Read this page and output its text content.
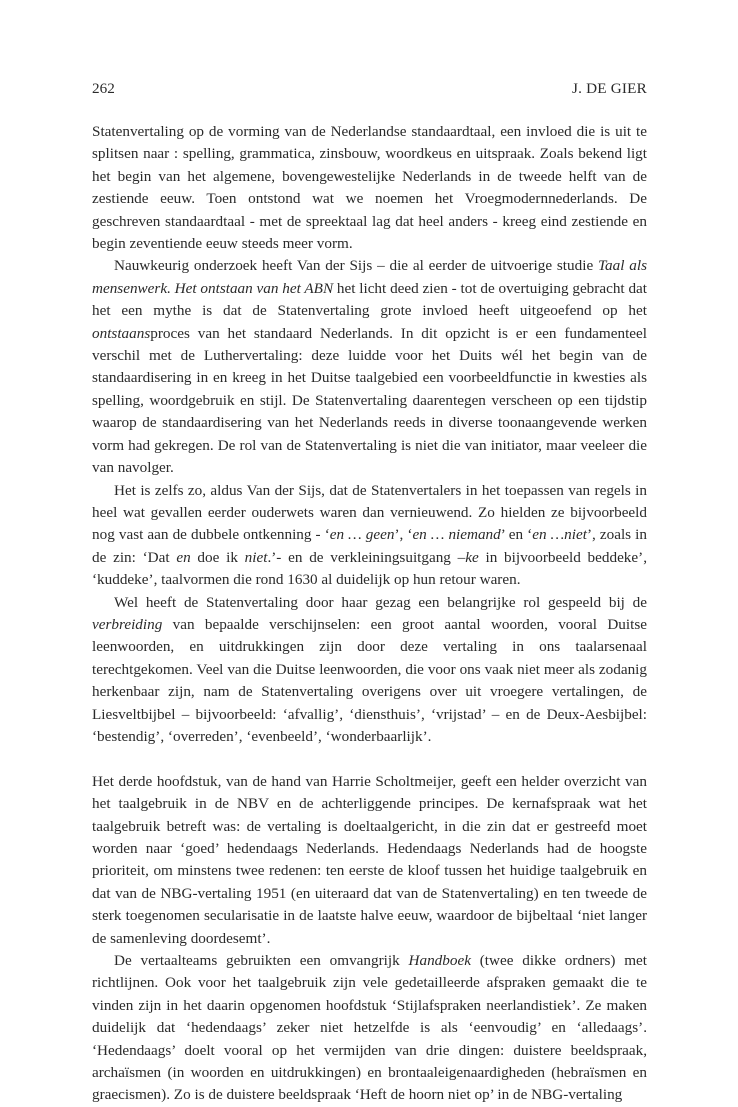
262	J. DE GIER

Statenvertaling op de vorming van de Nederlandse standaardtaal, een invloed die is uit te splitsen naar : spelling, grammatica, zinsbouw, woordkeus en uitspraak. Zoals bekend ligt het begin van het algemene, bovengewestelijke Nederlands in de tweede helft van de zestiende eeuw. Toen ontstond wat we noemen het Vroegmodernnederlands. De geschreven standaardtaal - met de spreektaal lag dat heel anders - kreeg eind zestiende en begin zeventiende eeuw steeds meer vorm.

Nauwkeurig onderzoek heeft Van der Sijs – die al eerder de uitvoerige studie Taal als mensenwerk. Het ontstaan van het ABN het licht deed zien - tot de overtuiging gebracht dat het een mythe is dat de Statenvertaling grote invloed heeft uitgeoefend op het ontstaansproces van het standaard Nederlands. In dit opzicht is er een fundamenteel verschil met de Luthervertaling: deze luidde voor het Duits wél het begin van de standaardisering in en kreeg in het Duitse taalgebied een voorbeeldfunctie in kwesties als spelling, woordgebruik en stijl. De Statenvertaling daarentegen verscheen op een tijdstip waarop de standaardisering van het Nederlands reeds in diverse toonaangevende werken vorm had gekregen. De rol van de Statenvertaling is niet die van initiator, maar veeleer die van navolger.

Het is zelfs zo, aldus Van der Sijs, dat de Statenvertalers in het toepassen van regels in heel wat gevallen eerder ouderwets waren dan vernieuwend. Zo hielden ze bijvoorbeeld nog vast aan de dubbele ontkenning - ‘en … geen’, ‘en … niemand’ en ‘en …niet’, zoals in de zin: ‘Dat en doe ik niet.’- en de verkleiningsuitgang –ke in bijvoorbeeld beddeke’, ‘kuddeke’, taalvormen die rond 1630 al duidelijk op hun retour waren.

Wel heeft de Statenvertaling door haar gezag een belangrijke rol gespeeld bij de verbreiding van bepaalde verschijnselen: een groot aantal woorden, vooral Duitse leenwoorden, en uitdrukkingen zijn door deze vertaling in ons taalarsenaal terechtgekomen. Veel van die Duitse leenwoorden, die voor ons vaak niet meer als zodanig herkenbaar zijn, nam de Statenvertaling overigens over uit vroegere vertalingen, de Liesveltbijbel – bijvoorbeeld: ‘afvallig’, ‘diensthuis’, ‘vrijstad’ – en de Deux-Aesbijbel: ‘bestendig’, ‘overreden’, ‘evenbeeld’, ‘wonderbaarlijk’.

Het derde hoofdstuk, van de hand van Harrie Scholtmeijer, geeft een helder overzicht van het taalgebruik in de NBV en de achterliggende principes. De kernafspraak wat het taalgebruik betreft was: de vertaling is doeltaalgericht, in die zin dat er gestreefd moet worden naar ‘goed’ hedendaags Nederlands. Hedendaags Nederlands had de hoogste prioriteit, om minstens twee redenen: ten eerste de kloof tussen het huidige taalgebruik en dat van de NBG-vertaling 1951 (en uiteraard dat van de Statenvertaling) en ten tweede de sterk toegenomen secularisatie in de laatste halve eeuw, waardoor de bijbeltaal ‘niet langer de samenleving doordesemt’.

De vertaalteams gebruikten een omvangrijk Handboek (twee dikke ordners) met richtlijnen. Ook voor het taalgebruik zijn vele gedetailleerde afspraken gemaakt die te vinden zijn in het daarin opgenomen hoofdstuk ‘Stijlafspraken neerlandistiek’. Ze maken duidelijk dat ‘hedendaags’ zeker niet hetzelfde is als ‘eenvoudig’ en ‘alledaags’. ‘Hedendaags’ doelt vooral op het vermijden van drie dingen: duistere beeldspraak, archaïsmen (in woorden en uitdrukkingen) en brontaaleigenaardigheden (hebraïsmen en graecismen). Zo is de duistere beeldspraak ‘Heft de hoorn niet op’ in de NBG-vertaling
